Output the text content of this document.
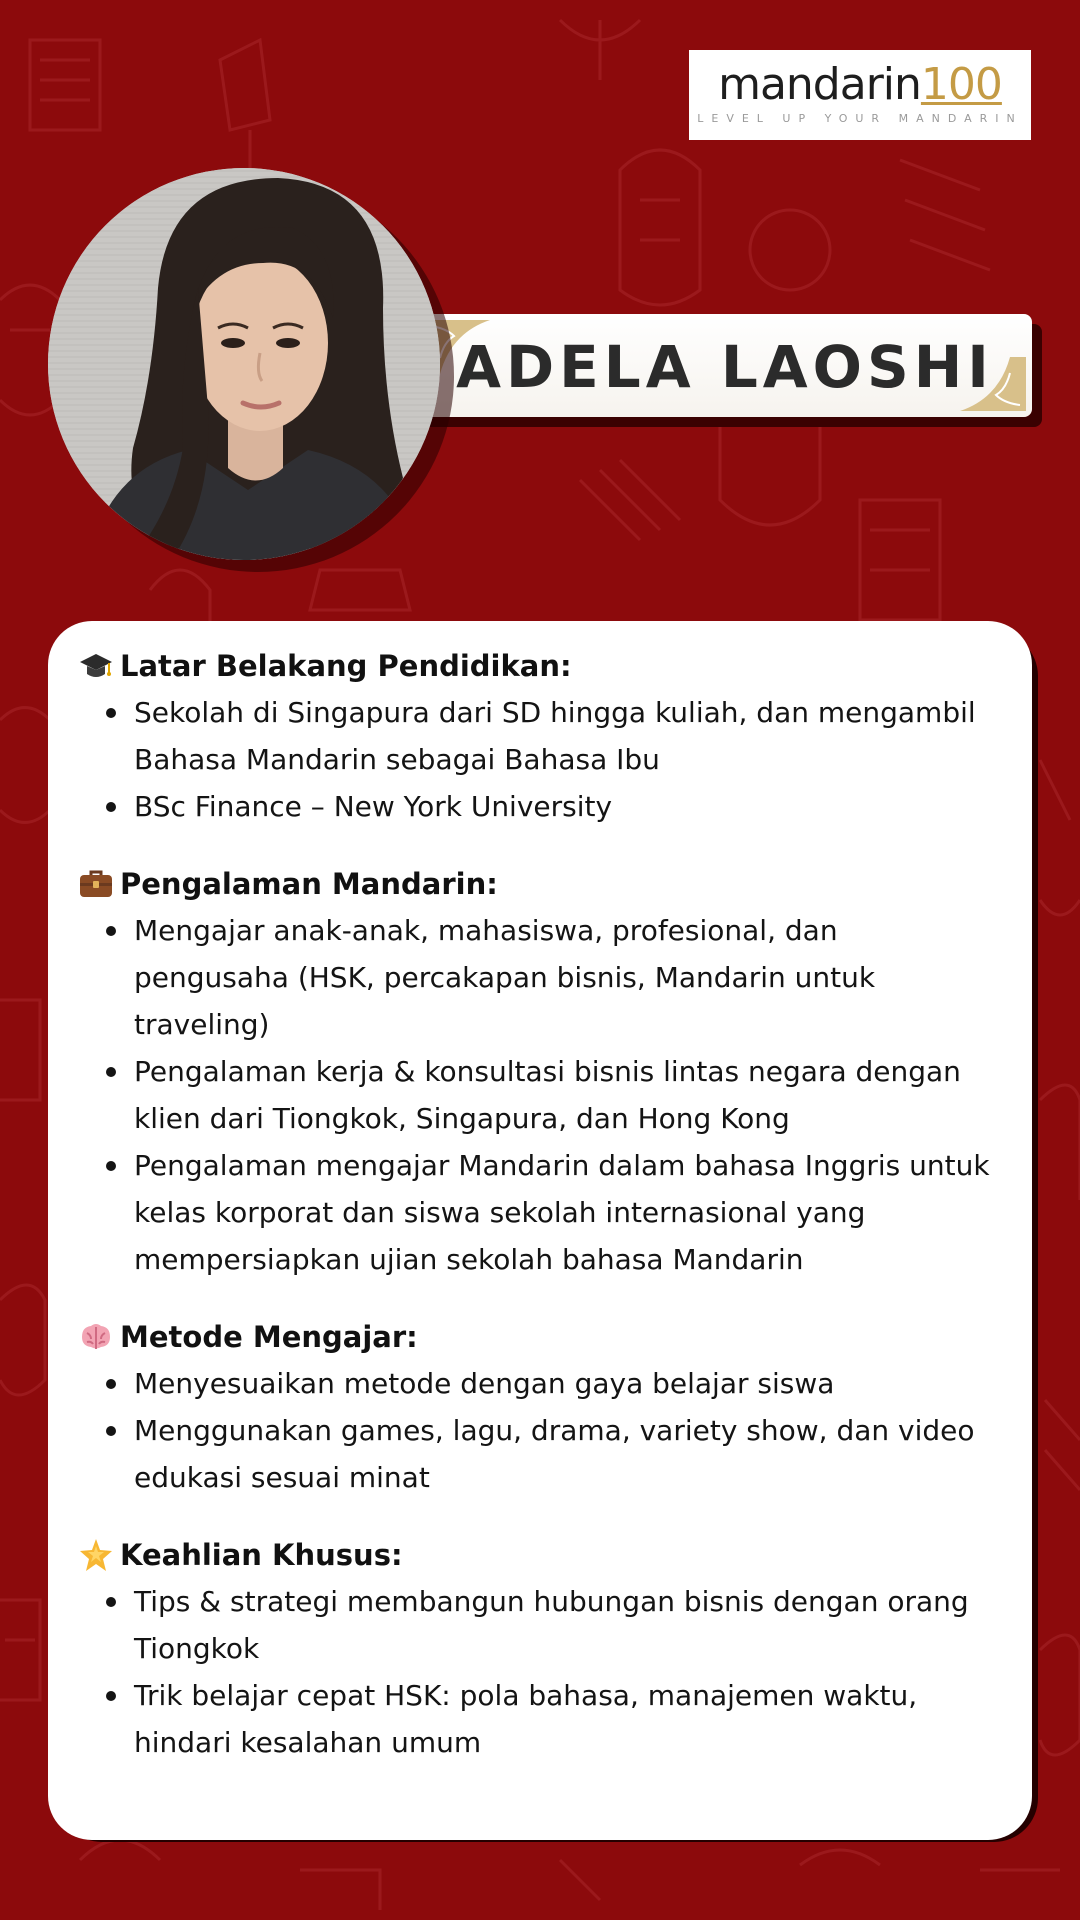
mandarin100
LEVEL UP YOUR MANDARIN
ADELA LAOSHI
Latar Belakang Pendidikan:
Sekolah di Singapura dari SD hingga kuliah, dan mengambil Bahasa Mandarin sebagai Bahasa Ibu
BSc Finance – New York University
Pengalaman Mandarin:
Mengajar anak-anak, mahasiswa, profesional, dan pengusaha (HSK, percakapan bisnis, Mandarin untuk traveling)
Pengalaman kerja & konsultasi bisnis lintas negara dengan klien dari Tiongkok, Singapura, dan Hong Kong
Pengalaman mengajar Mandarin dalam bahasa Inggris untuk kelas korporat dan siswa sekolah internasional yang mempersiapkan ujian sekolah bahasa Mandarin
Metode Mengajar:
Menyesuaikan metode dengan gaya belajar siswa
Menggunakan games, lagu, drama, variety show, dan video edukasi sesuai minat
Keahlian Khusus:
Tips & strategi membangun hubungan bisnis dengan orang Tiongkok
Trik belajar cepat HSK: pola bahasa, manajemen waktu, hindari kesalahan umum
